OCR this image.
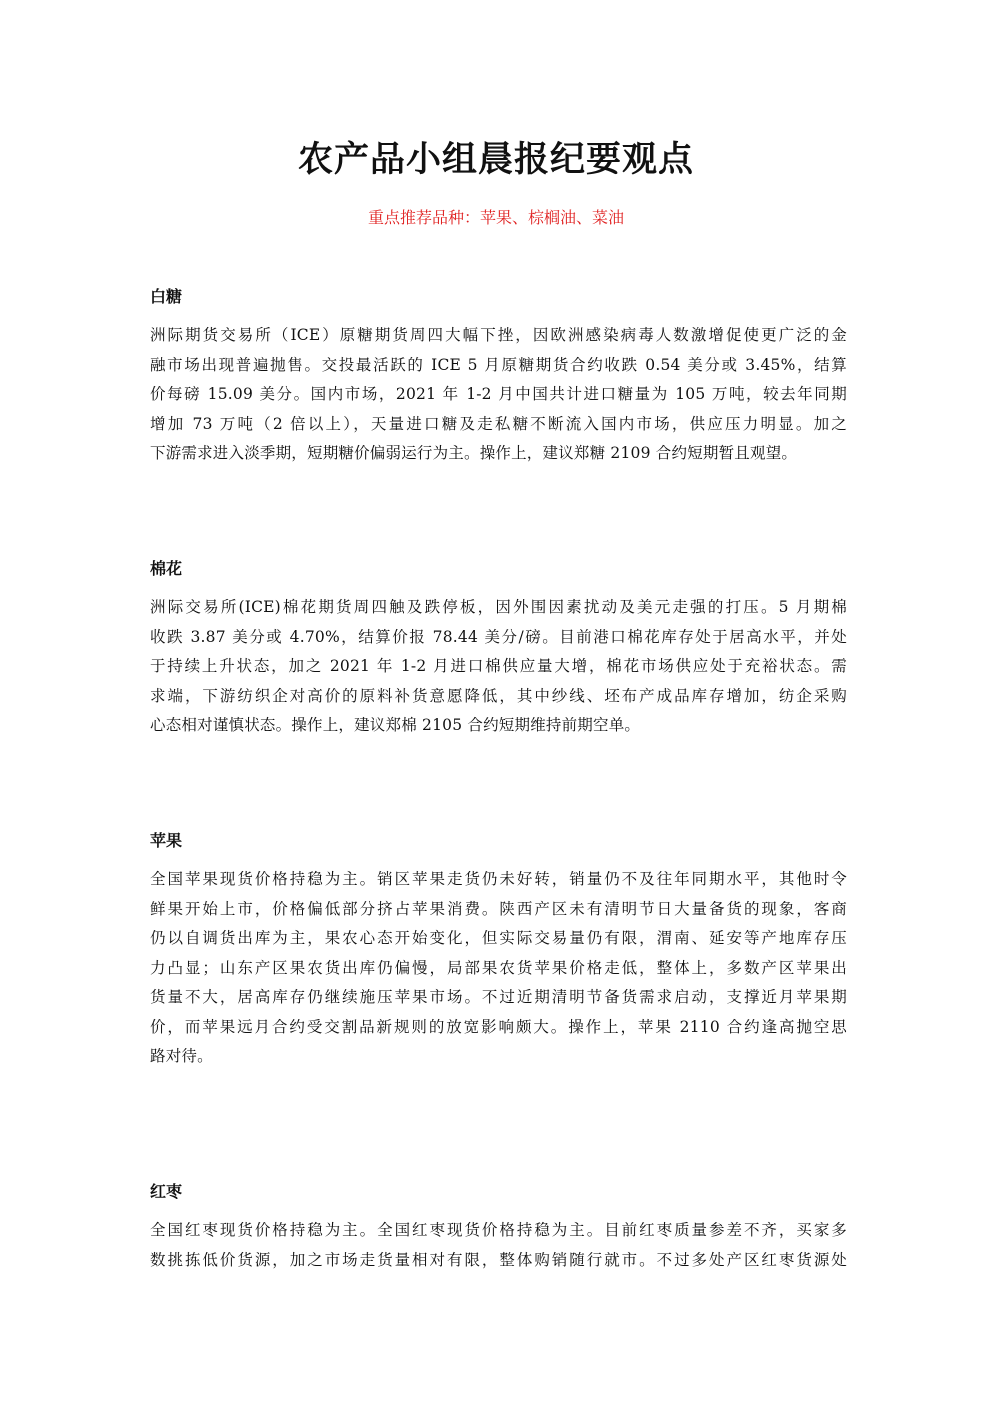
农产品小组晨报纪要观点
重点推荐品种：苹果、棕榈油、菜油
白糖

洲际期货交易所（ICE）原糖期货周四大幅下挫，因欧洲感染病毒人数激增促使更广泛的金
融市场出现普遍抛售。交投最活跃的 ICE 5 月原糖期货合约收跌 0.54 美分或 3.45%，结算
价每磅 15.09 美分。国内市场，2021 年 1-2 月中国共计进口糖量为 105 万吨，较去年同期
增加 73 万吨（2 倍以上），天量进口糖及走私糖不断流入国内市场，供应压力明显。加之
下游需求进入淡季期，短期糖价偏弱运行为主。操作上，建议郑糖 2109 合约短期暂且观望。

棉花

洲际交易所(ICE)棉花期货周四触及跌停板，因外围因素扰动及美元走强的打压。5 月期棉
收跌 3.87 美分或 4.70%，结算价报 78.44 美分/磅。目前港口棉花库存处于居高水平，并处
于持续上升状态，加之 2021 年 1-2 月进口棉供应量大增，棉花市场供应处于充裕状态。需
求端，下游纺织企对高价的原料补货意愿降低，其中纱线、坯布产成品库存增加，纺企采购
心态相对谨慎状态。操作上，建议郑棉 2105 合约短期维持前期空单。

苹果

全国苹果现货价格持稳为主。销区苹果走货仍未好转，销量仍不及往年同期水平，其他时令
鲜果开始上市，价格偏低部分挤占苹果消费。陕西产区未有清明节日大量备货的现象，客商
仍以自调货出库为主，果农心态开始变化，但实际交易量仍有限，渭南、延安等产地库存压
力凸显；山东产区果农货出库仍偏慢，局部果农货苹果价格走低，整体上，多数产区苹果出
货量不大，居高库存仍继续施压苹果市场。不过近期清明节备货需求启动，支撑近月苹果期
价，而苹果远月合约受交割品新规则的放宽影响颇大。操作上，苹果 2110 合约逢高抛空思
路对待。

红枣

全国红枣现货价格持稳为主。全国红枣现货价格持稳为主。目前红枣质量参差不齐，买家多
数挑拣低价货源，加之市场走货量相对有限，整体购销随行就市。不过多处产区红枣货源处
